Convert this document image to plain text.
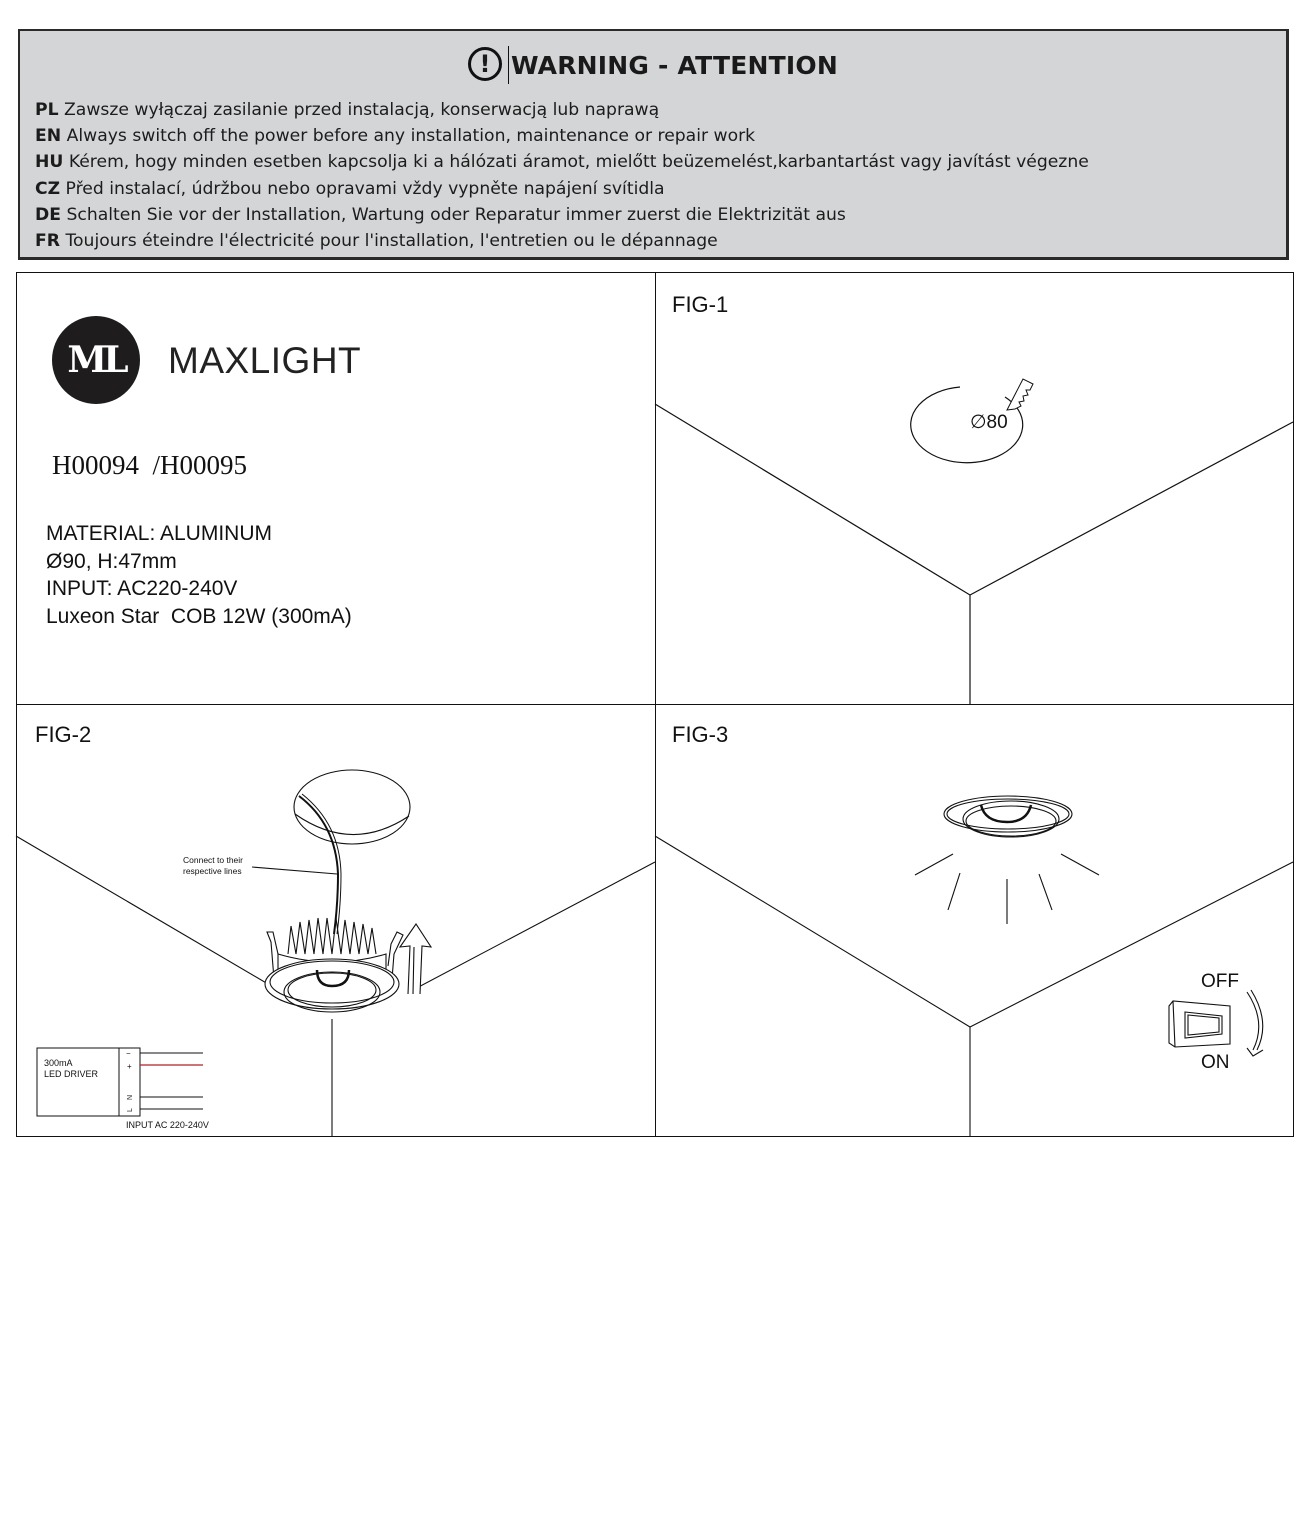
! WARNING - ATTENTION
PL Zawsze wyłączaj zasilanie przed instalacją, konserwacją lub naprawą
EN Always switch off the power before any installation, maintenance or repair work
HU Kérem, hogy minden esetben kapcsolja ki a hálózati áramot, mielőtt beüzemelést,karbantartást vagy javítást végezne
CZ Před instalací, údržbou nebo opravami vždy vypněte napájení svítidla
DE Schalten Sie vor der Installation, Wartung oder Reparatur immer zuerst die Elektrizität aus
FR Toujours éteindre l'électricité pour l'installation, l'entretien ou le dépannage
ML	MAXLIGHT
H00094  /H00095
MATERIAL: ALUMINUM
Ø90, H:47mm
INPUT: AC220-240V
Luxeon Star  COB 12W (300mA)
FIG-1
∅80
FIG-2
Connect to their
respective lines
300mA
LED DRIVER
−
+
N
L
INPUT AC 220-240V
FIG-3
OFF
ON
